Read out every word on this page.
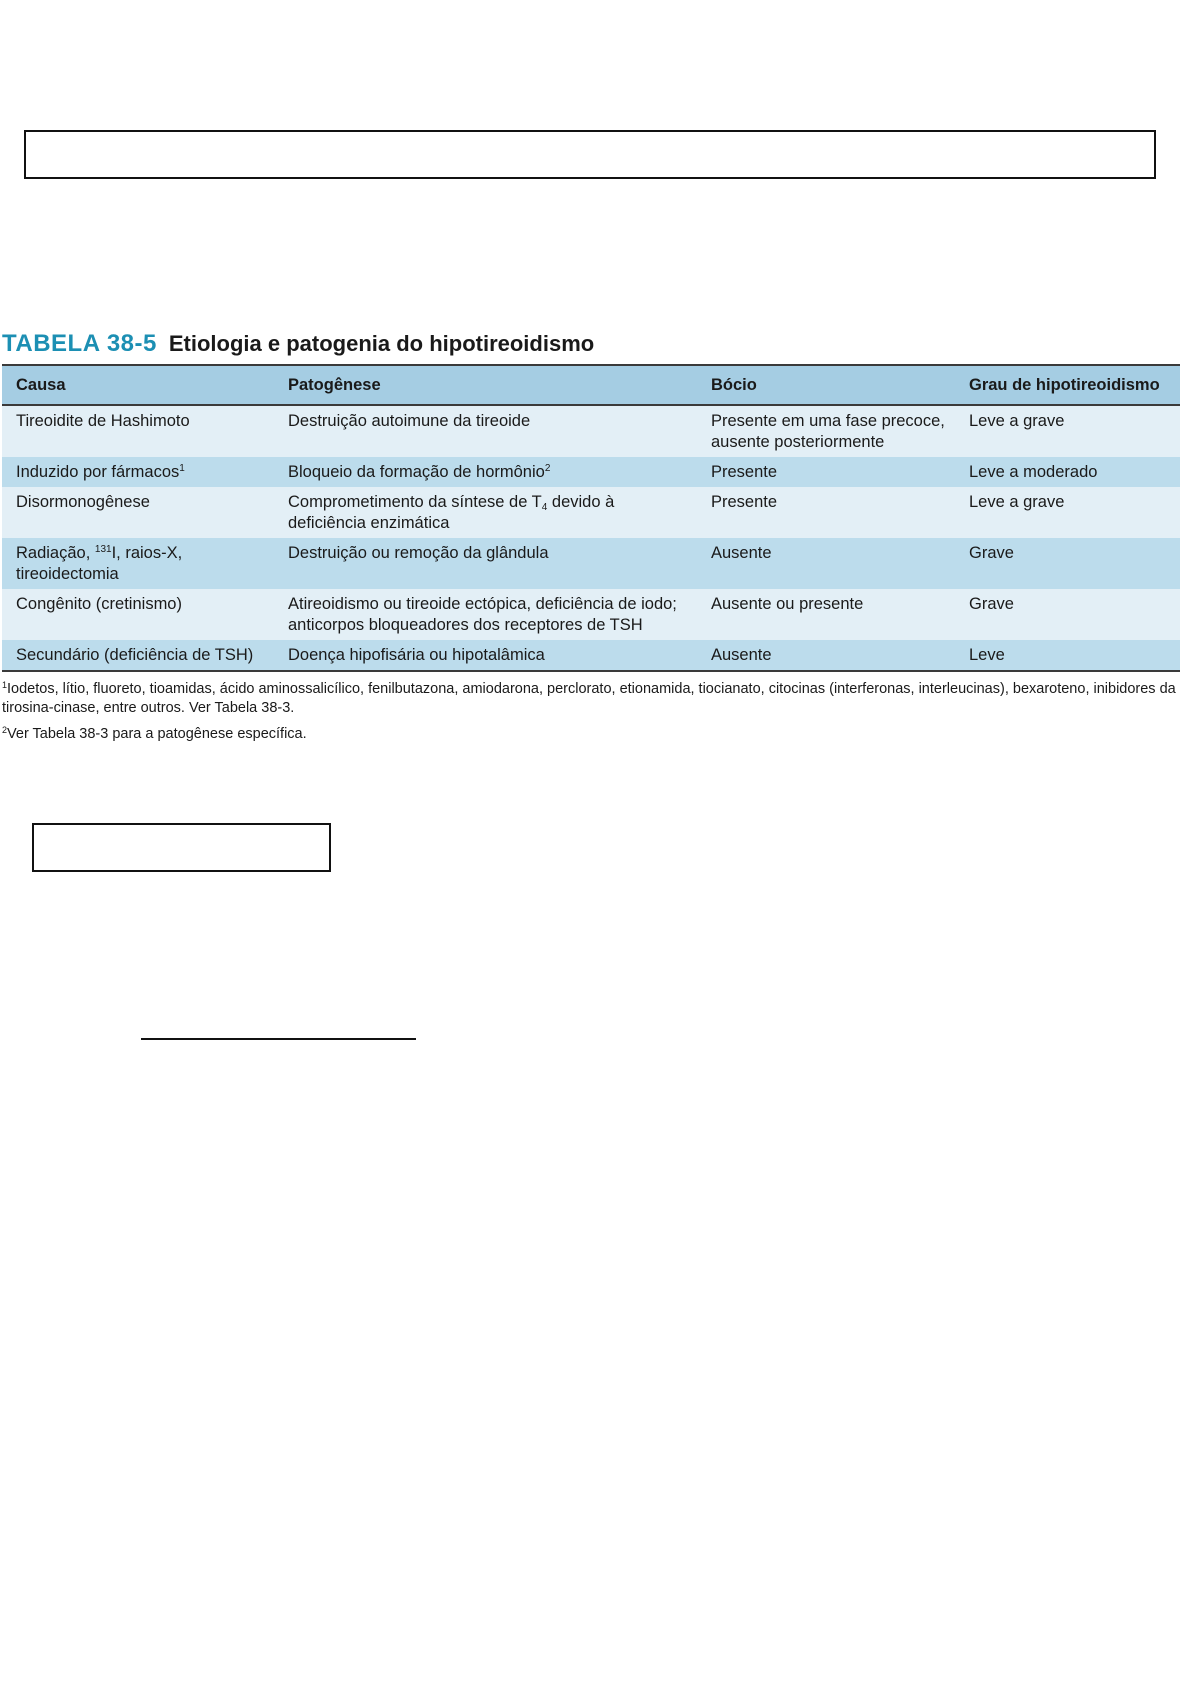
TABELA 38-5 Etiologia e patogenia do hipotireoidismo
Causa	Patogênese	Bócio	Grau de hipotireoidismo
Tireoidite de Hashimoto	Destruição autoimune da tireoide	Presente em uma fase precoce, ausente posteriormente	Leve a grave
Induzido por fármacos$^1$	Bloqueio da formação de hormônio$^2$	Presente	Leve a moderado
Disormonogênese	Comprometimento da síntese de $T_4$ devido à deficiência enzimática	Presente	Leve a grave
Radiação, $^{131}$I, raios-X, tireoidectomia	Destruição ou remoção da glândula	Ausente	Grave
Congênito (cretinismo)	Atireoidismo ou tireoide ectópica, deficiência de iodo; anticorpos bloqueadores dos receptores de TSH	Ausente ou presente	Grave
Secundário (deficiência de TSH)	Doença hipofisária ou hipotalâmica	Ausente	Leve

$^1$Iodetos, lítio, fluoreto, tioamidas, ácido aminossalicílico, fenilbutazona, amiodarona, perclorato, etionamida, tiocianato, citocinas (interferonas, interleucinas), bexaroteno, inibidores da tirosina-cinase, entre outros. Ver Tabela 38-3.

$^2$Ver Tabela 38-3 para a patogênese específica.
